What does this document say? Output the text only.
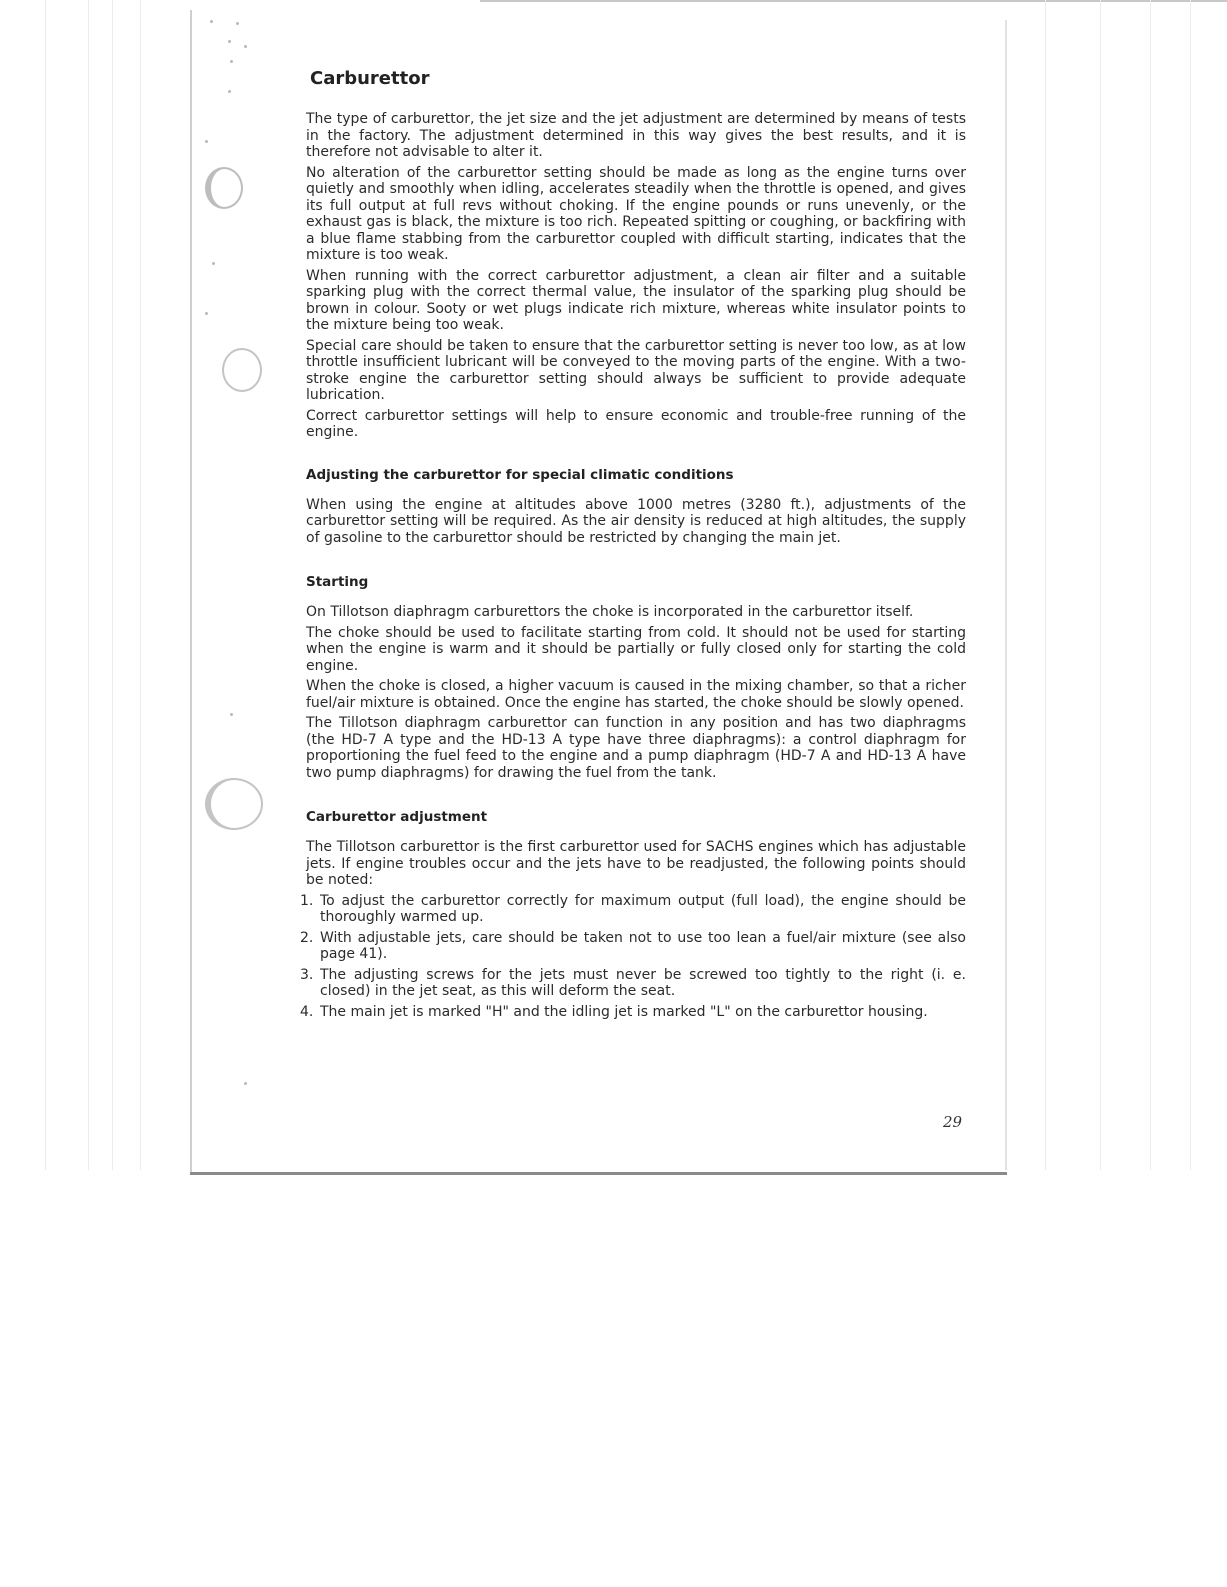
Carburettor

The type of carburettor, the jet size and the jet adjustment are determined by means of tests in the factory. The adjustment determined in this way gives the best results, and it is therefore not advisable to alter it.

No alteration of the carburettor setting should be made as long as the engine turns over quietly and smoothly when idling, accelerates steadily when the throttle is opened, and gives its full output at full revs without choking. If the engine pounds or runs unevenly, or the exhaust gas is black, the mixture is too rich. Repeated spitting or coughing, or backfiring with a blue flame stabbing from the carburettor coupled with difficult starting, indicates that the mixture is too weak.

When running with the correct carburettor adjustment, a clean air filter and a suitable sparking plug with the correct thermal value, the insulator of the sparking plug should be brown in colour. Sooty or wet plugs indicate rich mixture, whereas white insulator points to the mixture being too weak.

Special care should be taken to ensure that the carburettor setting is never too low, as at low throttle insufficient lubricant will be conveyed to the moving parts of the engine. With a two-stroke engine the carburettor setting should always be sufficient to provide adequate lubrication.

Correct carburettor settings will help to ensure economic and trouble-free running of the engine.

Adjusting the carburettor for special climatic conditions

When using the engine at altitudes above 1000 metres (3280 ft.), adjustments of the carburettor setting will be required. As the air density is reduced at high altitudes, the supply of gasoline to the carburettor should be restricted by changing the main jet.

Starting

On Tillotson diaphragm carburettors the choke is incorporated in the carburettor itself.

The choke should be used to facilitate starting from cold. It should not be used for starting when the engine is warm and it should be partially or fully closed only for starting the cold engine.

When the choke is closed, a higher vacuum is caused in the mixing chamber, so that a richer fuel/air mixture is obtained. Once the engine has started, the choke should be slowly opened.

The Tillotson diaphragm carburettor can function in any position and has two diaphragms (the HD-7 A type and the HD-13 A type have three diaphragms): a control diaphragm for proportioning the fuel feed to the engine and a pump diaphragm (HD-7 A and HD-13 A have two pump diaphragms) for drawing the fuel from the tank.

Carburettor adjustment

The Tillotson carburettor is the first carburettor used for SACHS engines which has adjustable jets. If engine troubles occur and the jets have to be readjusted, the following points should be noted:

1. To adjust the carburettor correctly for maximum output (full load), the engine should be thoroughly warmed up.
2. With adjustable jets, care should be taken not to use too lean a fuel/air mixture (see also page 41).
3. The adjusting screws for the jets must never be screwed too tightly to the right (i. e. closed) in the jet seat, as this will deform the seat.
4. The main jet is marked "H" and the idling jet is marked "L" on the carburettor housing.
29
